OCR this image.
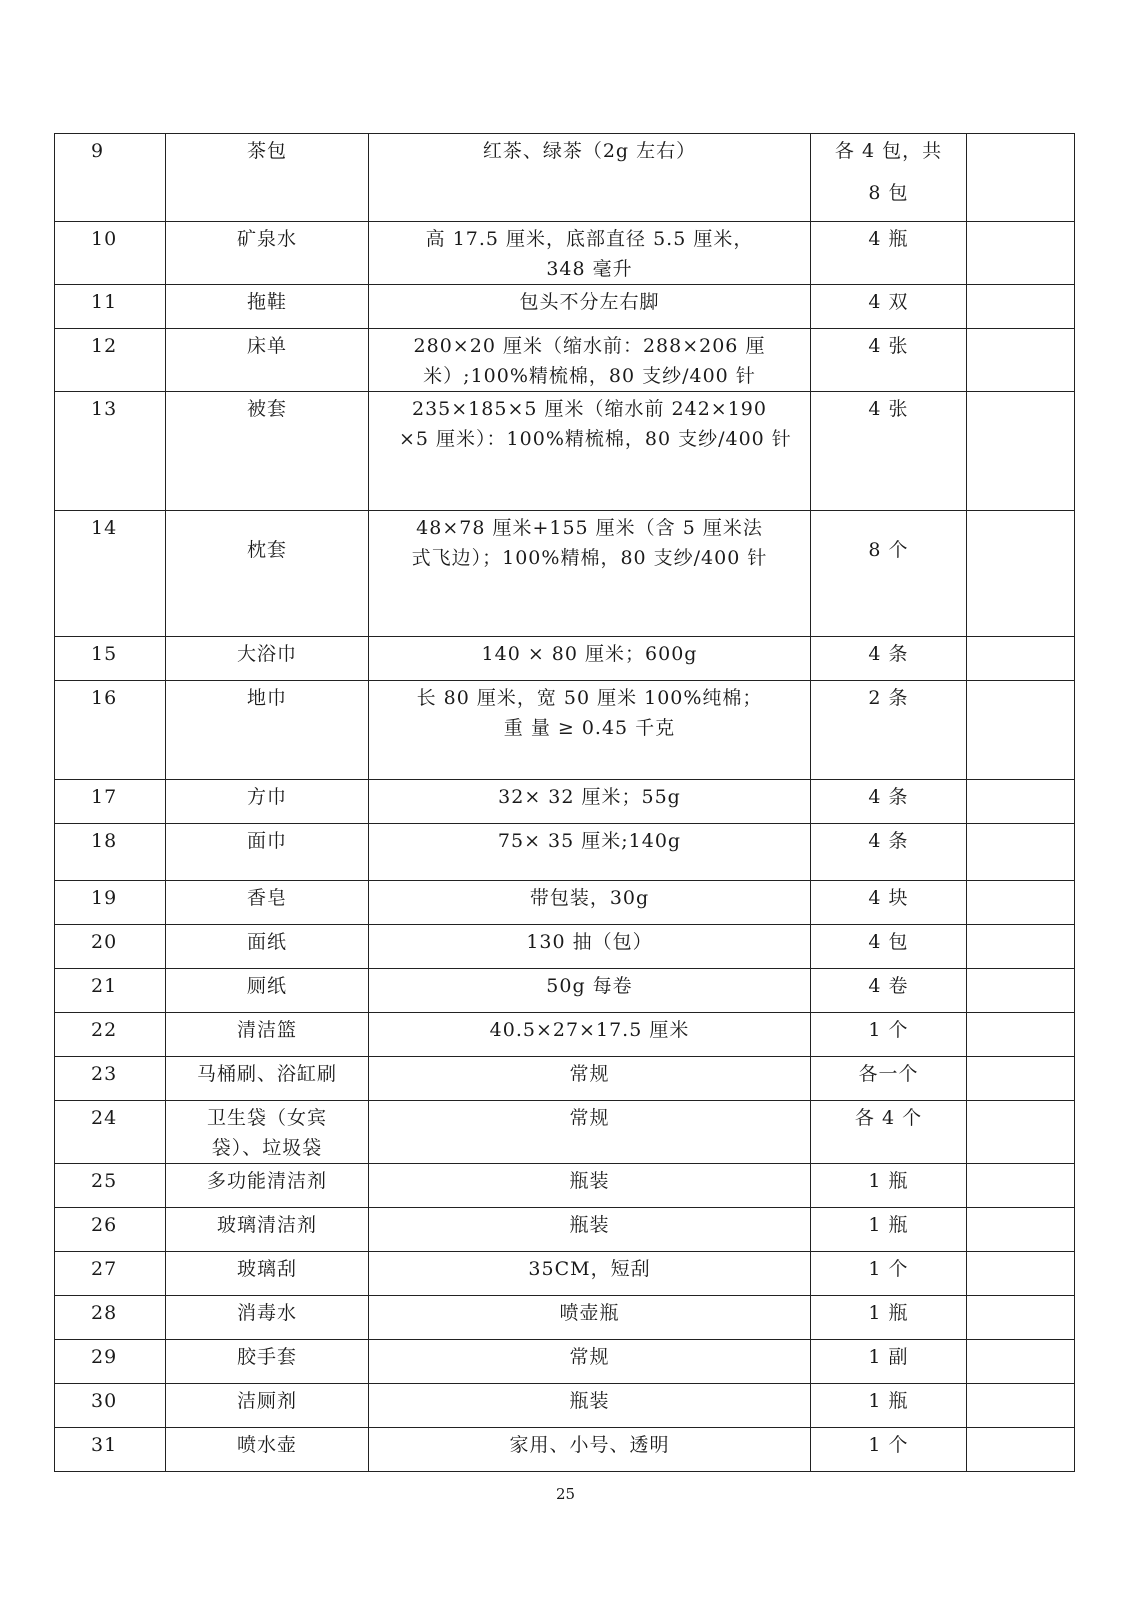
9	茶包	红茶、绿茶（2g 左右）	各 4 包，共
8 包	

10	矿泉水	高 17.5 厘米，底部直径 5.5 厘米，
348 毫升	4 瓶	

11	拖鞋	包头不分左右脚	4 双	

12	床单	280×20 厘米（缩水前：288×206 厘
米）;100%精梳棉，80 支纱/400 针	4 张	

13	被套	235×185×5 厘米（缩水前 242×190
×5 厘米）：100%精梳棉，80 支纱/400 针	4 张	

14	枕套	48×78 厘米+155 厘米（含 5 厘米法
式飞边）；100%精棉，80 支纱/400 针	8 个	

15	大浴巾	140 × 80 厘米；600g	4 条	

16	地巾	长 80 厘米，宽 50 厘米 100%纯棉；
重 量 ≥ 0.45 千克	2 条	

17	方巾	32× 32 厘米；55g	4 条	

18	面巾	75× 35 厘米;140g	4 条	

19	香皂	带包装，30g	4 块	

20	面纸	130 抽（包）	4 包	

21	厕纸	50g 每卷	4 卷	

22	清洁篮	40.5×27×17.5 厘米	1 个	

23	马桶刷、浴缸刷	常规	各一个	

24	卫生袋（女宾
袋）、垃圾袋	常规	各 4 个	

25	多功能清洁剂	瓶装	1 瓶	

26	玻璃清洁剂	瓶装	1 瓶	

27	玻璃刮	35CM，短刮	1 个	

28	消毒水	喷壶瓶	1 瓶	

29	胶手套	常规	1 副	

30	洁厕剂	瓶装	1 瓶	

31	喷水壶	家用、小号、透明	1 个	

25
